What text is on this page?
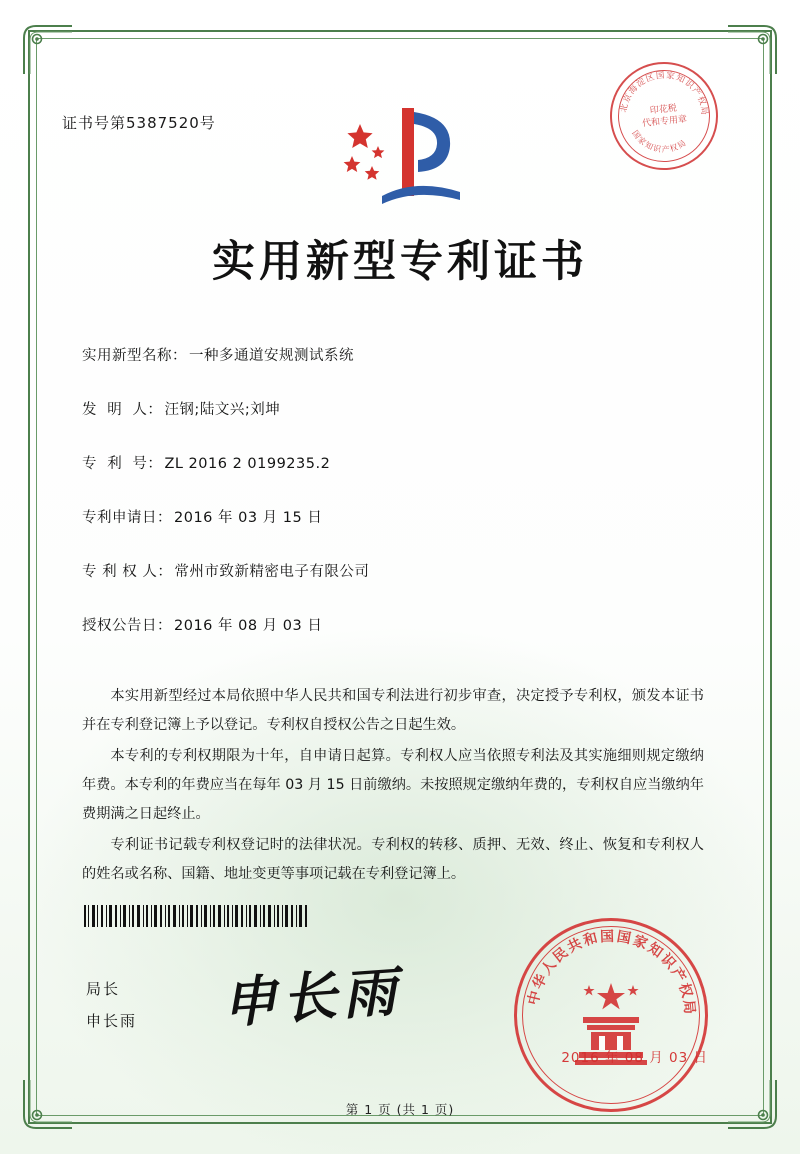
证书号第5387520号
北京海淀区国家知识产权局
国家知识产权局
印花税
代和专用章
实用新型专利证书
实用新型名称： 一种多通道安规测试系统
发  明  人： 汪钢;陆文兴;刘坤
专  利  号： ZL 2016 2 0199235.2
专利申请日： 2016 年 03 月 15 日
专 利 权 人： 常州市致新精密电子有限公司
授权公告日： 2016 年 08 月 03 日

本实用新型经过本局依照中华人民共和国专利法进行初步审查，决定授予专利权，颁发本证书并在专利登记簿上予以登记。专利权自授权公告之日起生效。

本专利的专利权期限为十年，自申请日起算。专利权人应当依照专利法及其实施细则规定缴纳年费。本专利的年费应当在每年 03 月 15 日前缴纳。未按照规定缴纳年费的，专利权自应当缴纳年费期满之日起终止。

专利证书记载专利权登记时的法律状况。专利权的转移、质押、无效、终止、恢复和专利权人的姓名或名称、国籍、地址变更等事项记载在专利登记簿上。

局长
申长雨 申长雨	中华人民共和国国家知识产权局
2016 年 08 月 03 日
第 1 页 (共 1 页)
